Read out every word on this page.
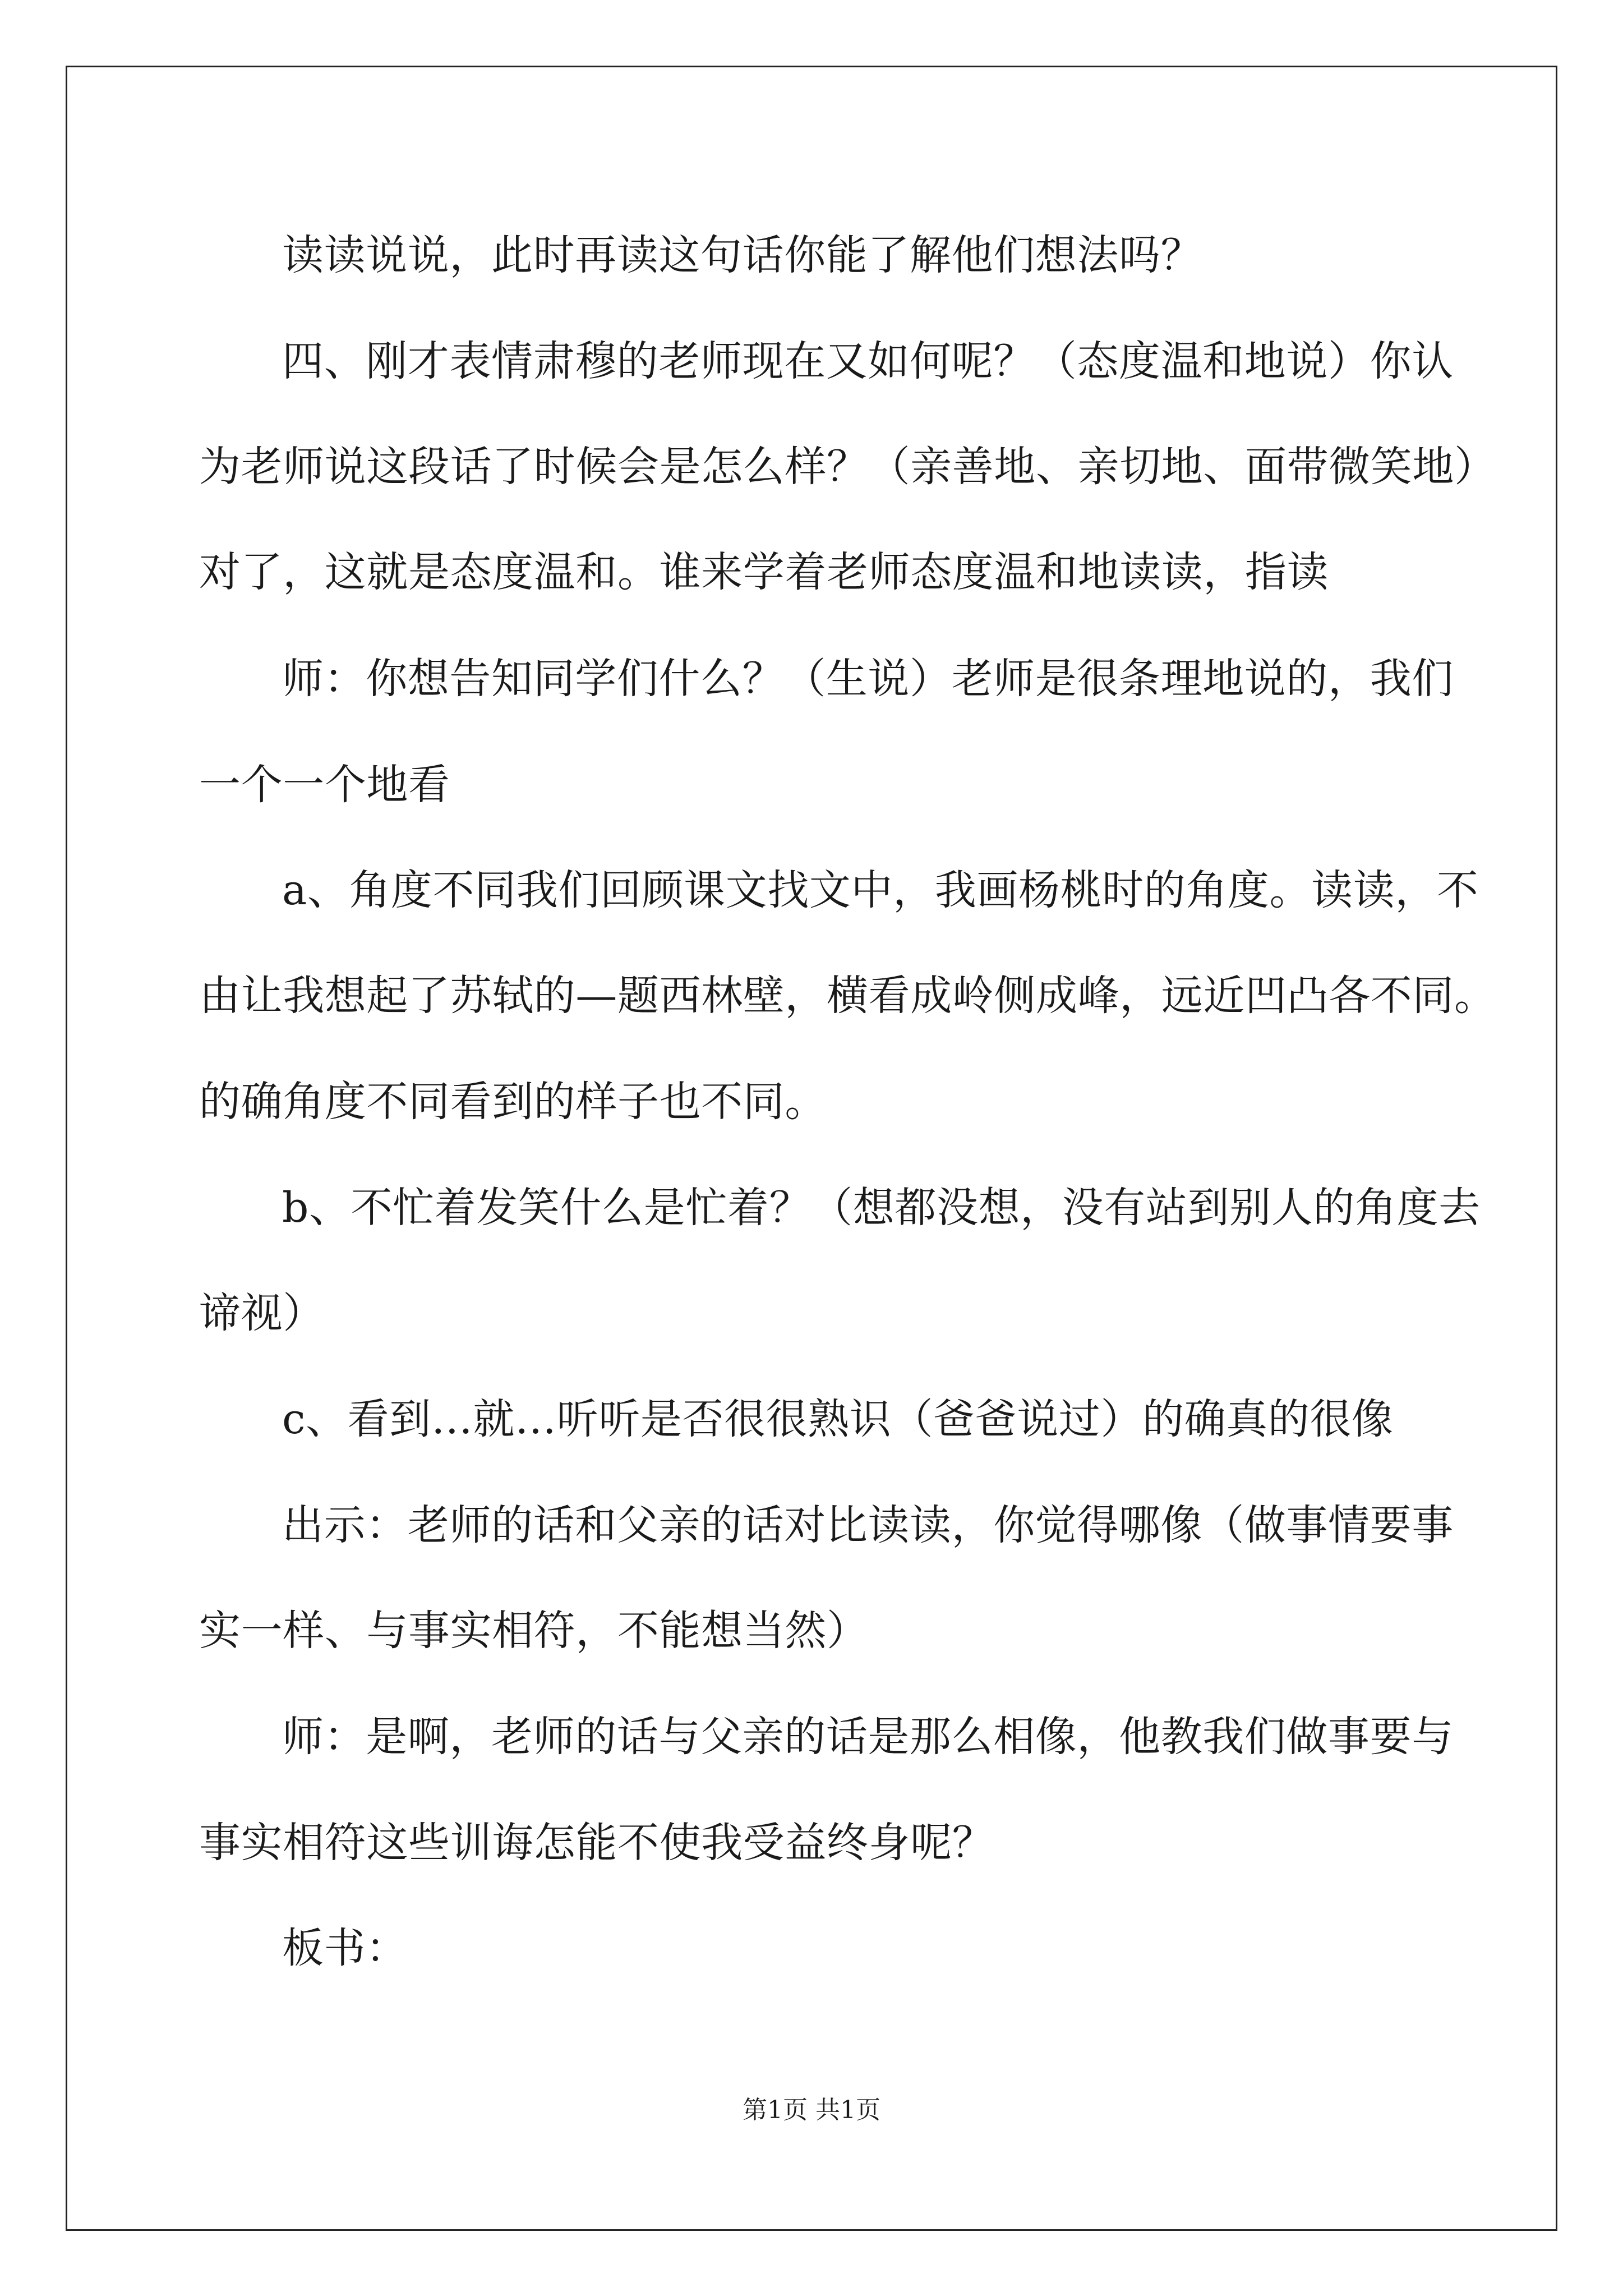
读读说说，此时再读这句话你能了解他们想法吗？
四、刚才表情肃穆的老师现在又如何呢？（态度温和地说）你认
为老师说这段话了时候会是怎么样？（亲善地、亲切地、面带微笑地）
对了，这就是态度温和。谁来学着老师态度温和地读读，指读
师：你想告知同学们什么？（生说）老师是很条理地说的，我们
一个一个地看
a、角度不同我们回顾课文找文中，我画杨桃时的角度。读读，不
由让我想起了苏轼的—题西林壁，横看成岭侧成峰，远近凹凸各不同。
的确角度不同看到的样子也不同。
b、不忙着发笑什么是忙着？（想都没想，没有站到别人的角度去
谛视）
c、看到…就…听听是否很很熟识（爸爸说过）的确真的很像
出示：老师的话和父亲的话对比读读，你觉得哪像（做事情要事
实一样、与事实相符，不能想当然）
师：是啊，老师的话与父亲的话是那么相像，他教我们做事要与
事实相符这些训诲怎能不使我受益终身呢？
板书：
第1页 共1页
